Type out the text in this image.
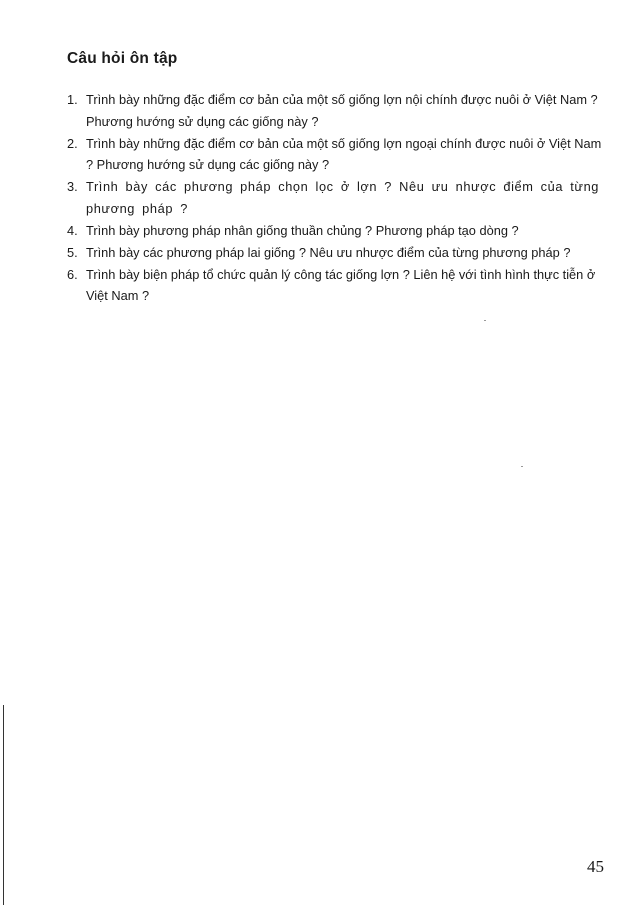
Câu hỏi ôn tập
1. Trình bày những đặc điểm cơ bản của một số giống lợn nội chính được nuôi ở Việt Nam ? Phương hướng sử dụng các giống này ?
2. Trình bày những đặc điểm cơ bản của một số giống lợn ngoại chính được nuôi ở Việt Nam ? Phương hướng sử dụng các giống này ?
3. Trình bày các phương pháp chọn lọc ở lợn ? Nêu ưu nhược điểm của từng phương pháp ?
4. Trình bày phương pháp nhân giống thuần chủng ? Phương pháp tạo dòng ?
5. Trình bày các phương pháp lai giống ? Nêu ưu nhược điểm của từng phương pháp ?
6. Trình bày biện pháp tổ chức quản lý công tác giống lợn ? Liên hệ với tình hình thực tiễn ở Việt Nam ?
45
